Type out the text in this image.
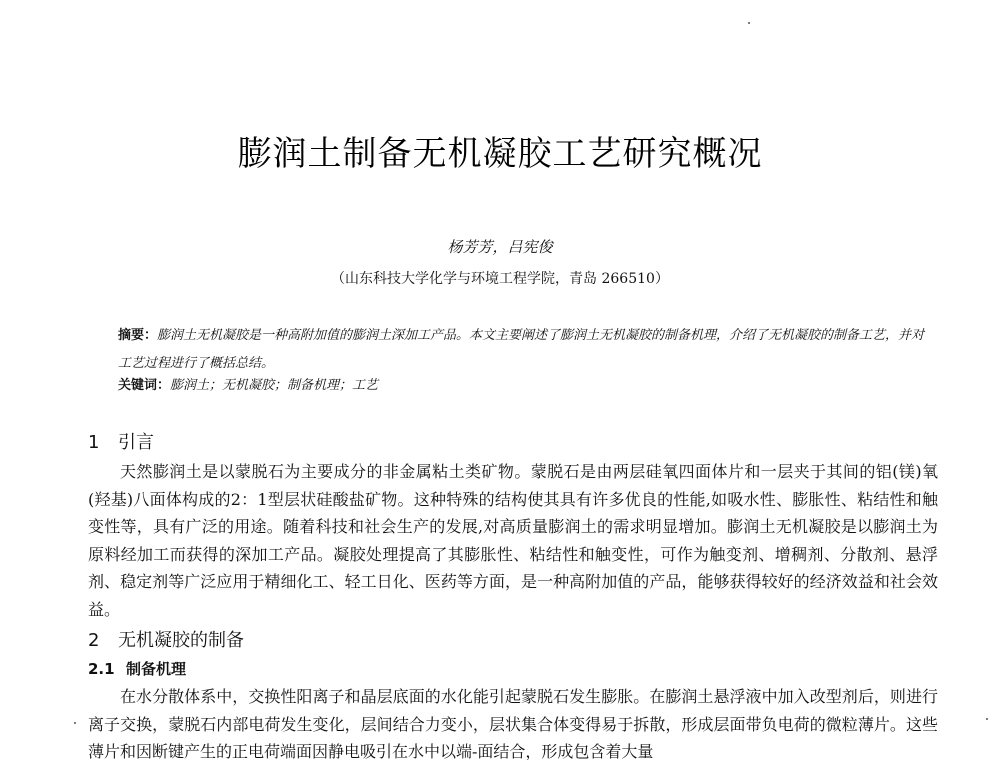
膨润土制备无机凝胶工艺研究概况
杨芳芳，吕宪俊
（山东科技大学化学与环境工程学院，青岛 266510）
摘要：膨润土无机凝胶是一种高附加值的膨润土深加工产品。本文主要阐述了膨润土无机凝胶的制备机理，介绍了无机凝胶的制备工艺，并对工艺过程进行了概括总结。
关键词：膨润土；无机凝胶；制备机理；工艺
1 引言
天然膨润土是以蒙脱石为主要成分的非金属粘土类矿物。蒙脱石是由两层硅氧四面体片和一层夹于其间的铝(镁)氧(羟基)八面体构成的2：1型层状硅酸盐矿物。这种特殊的结构使其具有许多优良的性能,如吸水性、膨胀性、粘结性和触变性等，具有广泛的用途。随着科技和社会生产的发展,对高质量膨润土的需求明显增加。膨润土无机凝胶是以膨润土为原料经加工而获得的深加工产品。凝胶处理提高了其膨胀性、粘结性和触变性，可作为触变剂、增稠剂、分散剂、悬浮剂、稳定剂等广泛应用于精细化工、轻工日化、医药等方面，是一种高附加值的产品，能够获得较好的经济效益和社会效益。
2 无机凝胶的制备
2.1 制备机理
在水分散体系中，交换性阳离子和晶层底面的水化能引起蒙脱石发生膨胀。在膨润土悬浮液中加入改型剂后，则进行离子交换，蒙脱石内部电荷发生变化，层间结合力变小，层状集合体变得易于拆散，形成层面带负电荷的微粒薄片。这些薄片和因断键产生的正电荷端面因静电吸引在水中以端-面结合，形成包含着大量
